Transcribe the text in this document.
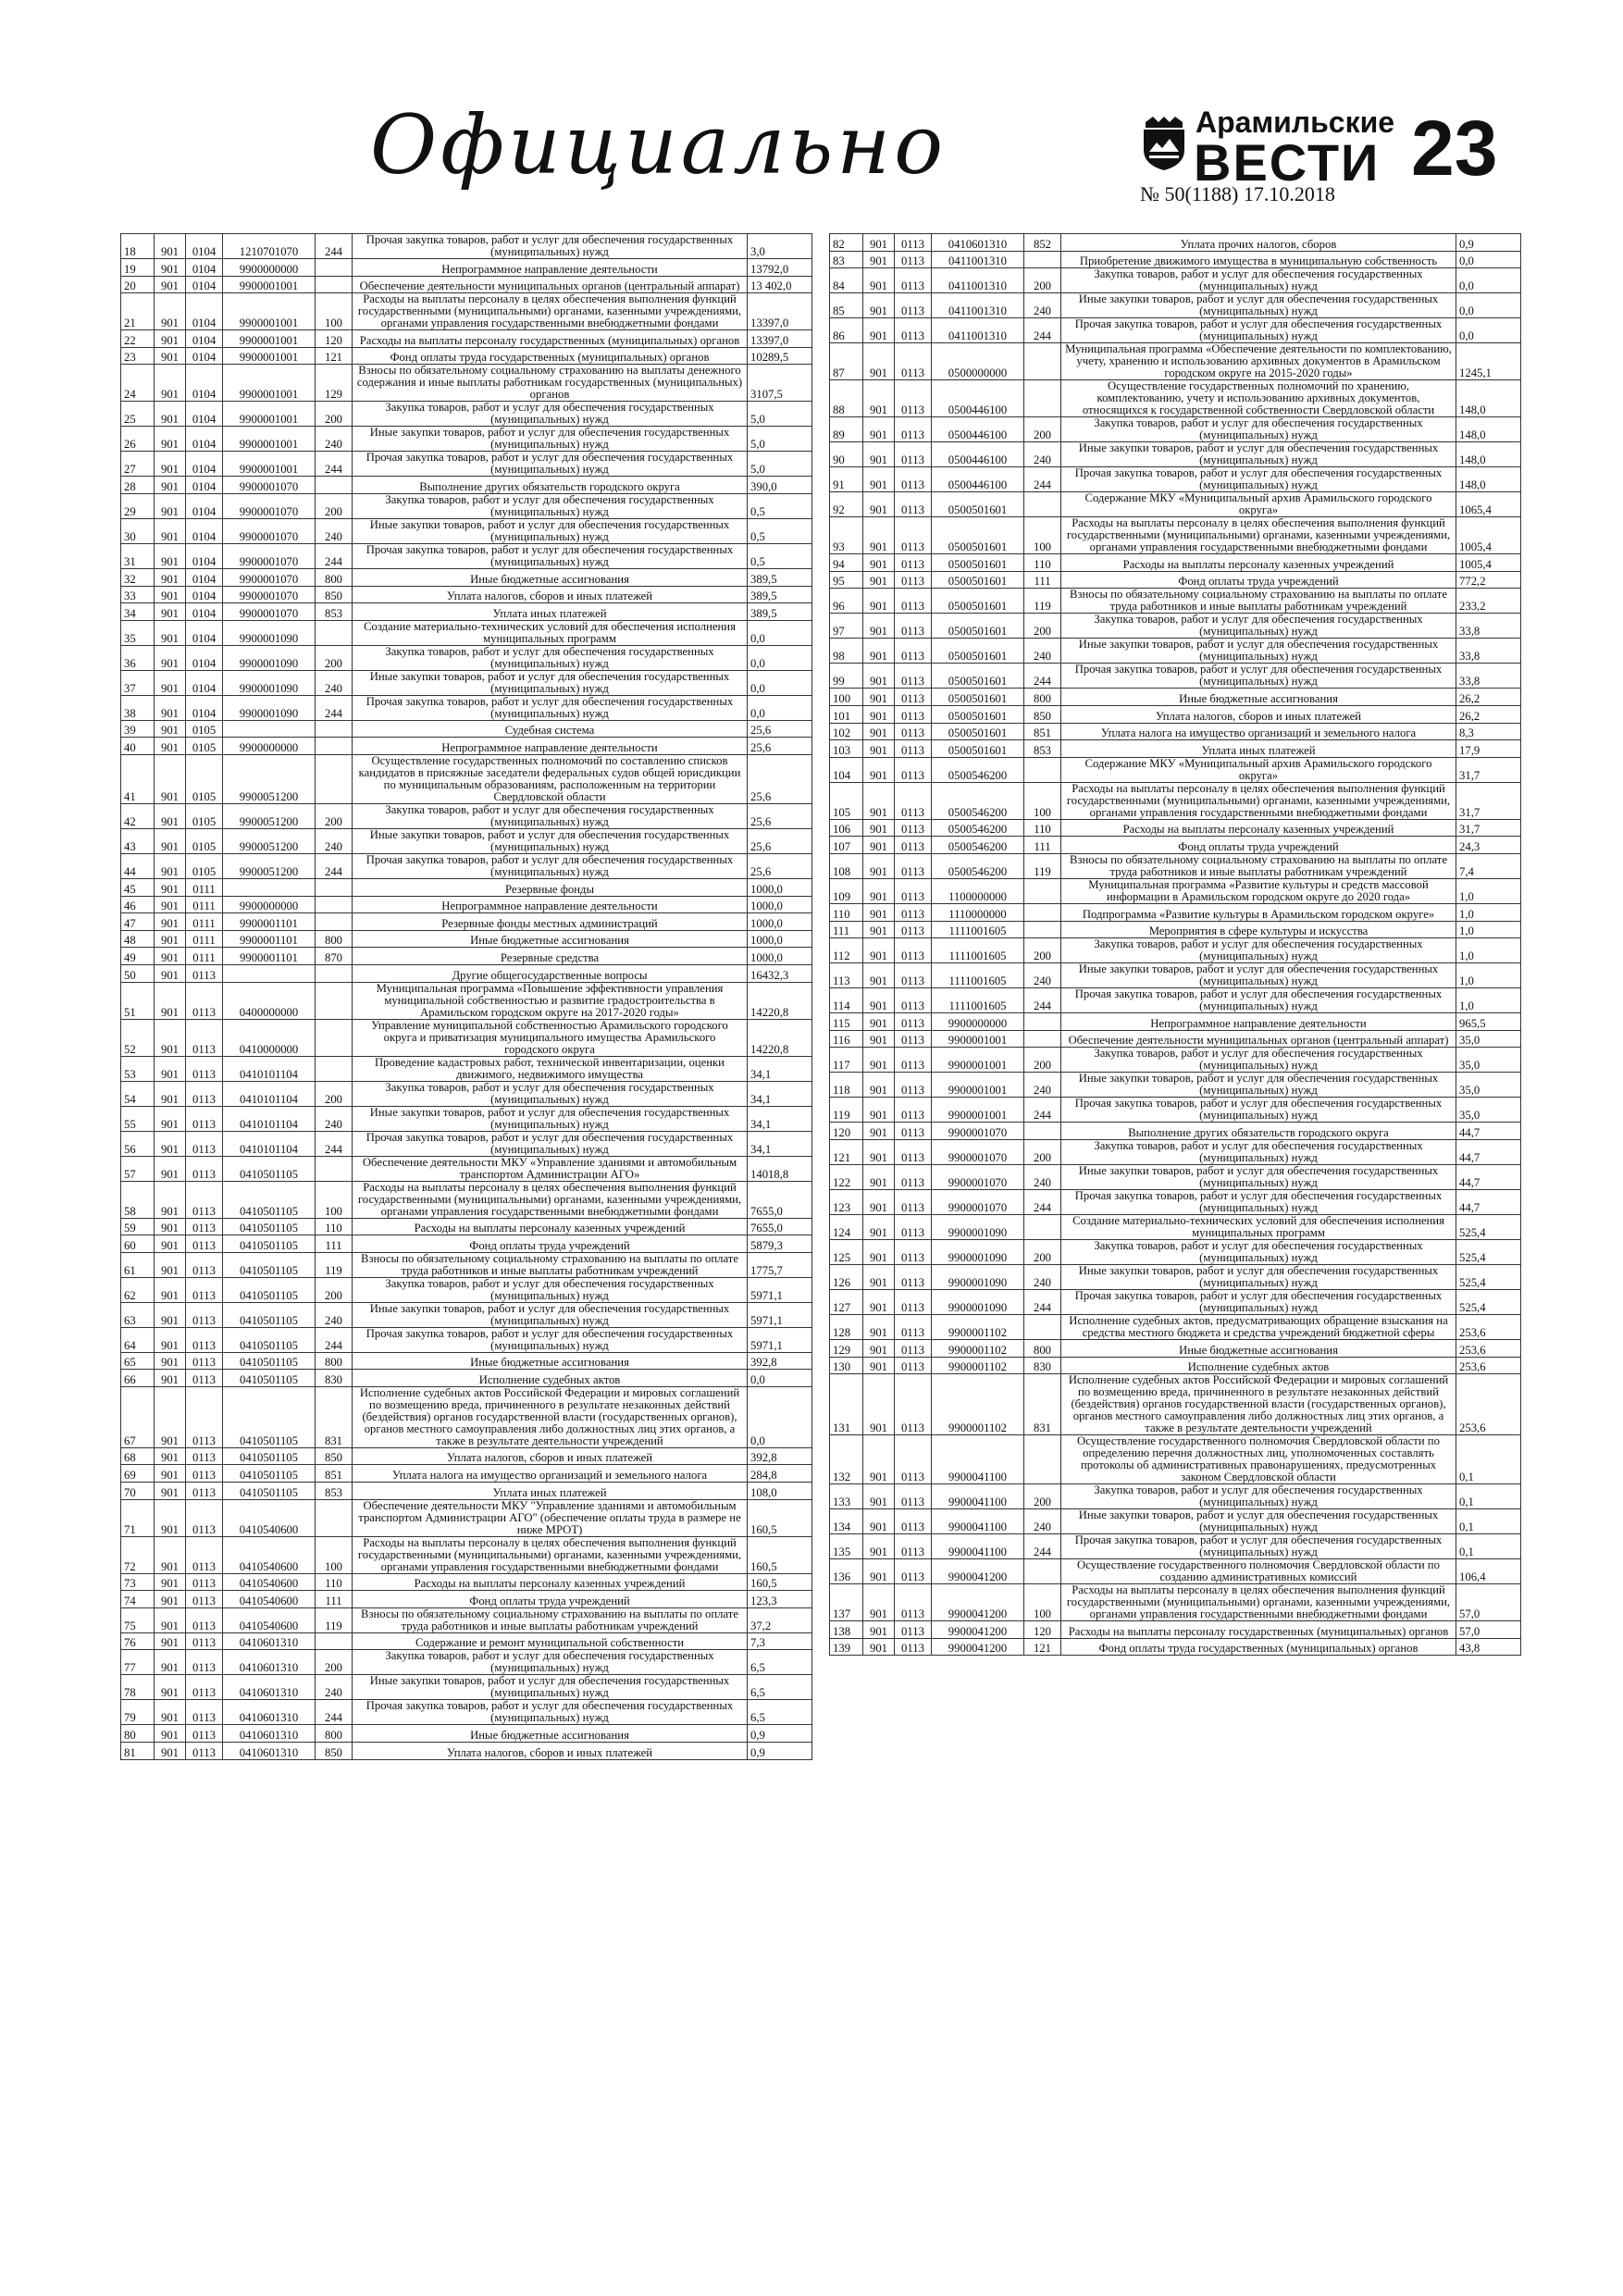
Официально	Арамильские
ВЕСТИ 23
№ 50(1188) 17.10.2018
18	901	0104	1210701070	244	Прочая закупка товаров, работ и услуг для обеспечения государственных (муниципальных) нужд	3,0
19	901	0104	9900000000		Непрограммное направление деятельности	13792,0
20	901	0104	9900001001		Обеспечение деятельности муниципальных органов (центральный аппарат)	13 402,0
21	901	0104	9900001001	100	Расходы на выплаты персоналу в целях обеспечения выполнения функций государственными (муниципальными) органами, казенными учреждениями, органами управления государственными внебюджетными фондами	13397,0
22	901	0104	9900001001	120	Расходы на выплаты персоналу государственных (муниципальных) органов	13397,0
23	901	0104	9900001001	121	Фонд оплаты труда государственных (муниципальных) органов	10289,5
24	901	0104	9900001001	129	Взносы по обязательному социальному страхованию на выплаты денежного содержания и иные выплаты работникам государственных (муниципальных) органов	3107,5
25	901	0104	9900001001	200	Закупка товаров, работ и услуг для обеспечения государственных (муниципальных) нужд	5,0
26	901	0104	9900001001	240	Иные закупки товаров, работ и услуг для обеспечения государственных (муниципальных) нужд	5,0
27	901	0104	9900001001	244	Прочая закупка товаров, работ и услуг для обеспечения государственных (муниципальных) нужд	5,0
28	901	0104	9900001070		Выполнение других обязательств городского округа	390,0
29	901	0104	9900001070	200	Закупка товаров, работ и услуг для обеспечения государственных (муниципальных) нужд	0,5
30	901	0104	9900001070	240	Иные закупки товаров, работ и услуг для обеспечения государственных (муниципальных) нужд	0,5
31	901	0104	9900001070	244	Прочая закупка товаров, работ и услуг для обеспечения государственных (муниципальных) нужд	0,5
32	901	0104	9900001070	800	Иные бюджетные ассигнования	389,5
33	901	0104	9900001070	850	Уплата налогов, сборов и иных платежей	389,5
34	901	0104	9900001070	853	Уплата иных платежей	389,5
35	901	0104	9900001090		Создание материально-технических условий для обеспечения исполнения муниципальных программ	0,0
36	901	0104	9900001090	200	Закупка товаров, работ и услуг для обеспечения государственных (муниципальных) нужд	0,0
37	901	0104	9900001090	240	Иные закупки товаров, работ и услуг для обеспечения государственных (муниципальных) нужд	0,0
38	901	0104	9900001090	244	Прочая закупка товаров, работ и услуг для обеспечения государственных (муниципальных) нужд	0,0
39	901	0105			Судебная система	25,6
40	901	0105	9900000000		Непрограммное направление деятельности	25,6
41	901	0105	9900051200		Осуществление государственных полномочий по составлению списков кандидатов в присяжные заседатели федеральных судов общей юрисдикции по муниципальным образованиям, расположенным на территории Свердловской области	25,6
42	901	0105	9900051200	200	Закупка товаров, работ и услуг для обеспечения государственных (муниципальных) нужд	25,6
43	901	0105	9900051200	240	Иные закупки товаров, работ и услуг для обеспечения государственных (муниципальных) нужд	25,6
44	901	0105	9900051200	244	Прочая закупка товаров, работ и услуг для обеспечения государственных (муниципальных) нужд	25,6
45	901	0111			Резервные фонды	1000,0
46	901	0111	9900000000		Непрограммное направление деятельности	1000,0
47	901	0111	9900001101		Резервные фонды местных администраций	1000,0
48	901	0111	9900001101	800	Иные бюджетные ассигнования	1000,0
49	901	0111	9900001101	870	Резервные средства	1000,0
50	901	0113			Другие общегосударственные вопросы	16432,3
51	901	0113	0400000000		Муниципальная программа «Повышение эффективности управления муниципальной собственностью и развитие градостроительства в Арамильском городском округе на 2017-2020 годы»	14220,8
52	901	0113	0410000000		Управление муниципальной собственностью Арамильского городского округа и приватизация муниципального имущества Арамильского городского округа	14220,8
53	901	0113	0410101104		Проведение кадастровых работ, технической инвентаризации, оценки движимого, недвижимого имущества	34,1
54	901	0113	0410101104	200	Закупка товаров, работ и услуг для обеспечения государственных (муниципальных) нужд	34,1
55	901	0113	0410101104	240	Иные закупки товаров, работ и услуг для обеспечения государственных (муниципальных) нужд	34,1
56	901	0113	0410101104	244	Прочая закупка товаров, работ и услуг для обеспечения государственных (муниципальных) нужд	34,1
57	901	0113	0410501105		Обеспечение деятельности МКУ «Управление зданиями и автомобильным транспортом Администрации АГО»	14018,8
58	901	0113	0410501105	100	Расходы на выплаты персоналу в целях обеспечения выполнения функций государственными (муниципальными) органами, казенными учреждениями, органами управления государственными внебюджетными фондами	7655,0
59	901	0113	0410501105	110	Расходы на выплаты персоналу казенных учреждений	7655,0
60	901	0113	0410501105	111	Фонд оплаты труда учреждений	5879,3
61	901	0113	0410501105	119	Взносы по обязательному социальному страхованию на выплаты по оплате труда работников и иные выплаты работникам учреждений	1775,7
62	901	0113	0410501105	200	Закупка товаров, работ и услуг для обеспечения государственных (муниципальных) нужд	5971,1
63	901	0113	0410501105	240	Иные закупки товаров, работ и услуг для обеспечения государственных (муниципальных) нужд	5971,1
64	901	0113	0410501105	244	Прочая закупка товаров, работ и услуг для обеспечения государственных (муниципальных) нужд	5971,1
65	901	0113	0410501105	800	Иные бюджетные ассигнования	392,8
66	901	0113	0410501105	830	Исполнение судебных актов	0,0
67	901	0113	0410501105	831	Исполнение судебных актов Российской Федерации и мировых соглашений по возмещению вреда, причиненного в результате незаконных действий (бездействия) органов государственной власти (государственных органов), органов местного самоуправления либо должностных лиц этих органов, а также в результате деятельности учреждений	0,0
68	901	0113	0410501105	850	Уплата налогов, сборов и иных платежей	392,8
69	901	0113	0410501105	851	Уплата налога на имущество организаций и земельного налога	284,8
70	901	0113	0410501105	853	Уплата иных платежей	108,0
71	901	0113	0410540600		Обеспечение деятельности МКУ "Управление зданиями и автомобильным транспортом Администрации АГО" (обеспечение оплаты труда в размере не ниже МРОТ)	160,5
72	901	0113	0410540600	100	Расходы на выплаты персоналу в целях обеспечения выполнения функций государственными (муниципальными) органами, казенными учреждениями, органами управления государственными внебюджетными фондами	160,5
73	901	0113	0410540600	110	Расходы на выплаты персоналу казенных учреждений	160,5
74	901	0113	0410540600	111	Фонд оплаты труда учреждений	123,3
75	901	0113	0410540600	119	Взносы по обязательному социальному страхованию на выплаты по оплате труда работников и иные выплаты работникам учреждений	37,2
76	901	0113	0410601310		Содержание и ремонт муниципальной собственности	7,3
77	901	0113	0410601310	200	Закупка товаров, работ и услуг для обеспечения государственных (муниципальных) нужд	6,5
78	901	0113	0410601310	240	Иные закупки товаров, работ и услуг для обеспечения государственных (муниципальных) нужд	6,5
79	901	0113	0410601310	244	Прочая закупка товаров, работ и услуг для обеспечения государственных (муниципальных) нужд	6,5
80	901	0113	0410601310	800	Иные бюджетные ассигнования	0,9
81	901	0113	0410601310	850	Уплата налогов, сборов и иных платежей	0,9
82	901	0113	0410601310	852	Уплата прочих налогов, сборов	0,9
83	901	0113	0411001310		Приобретение движимого имущества в муниципальную собственность	0,0
84	901	0113	0411001310	200	Закупка товаров, работ и услуг для обеспечения государственных (муниципальных) нужд	0,0
85	901	0113	0411001310	240	Иные закупки товаров, работ и услуг для обеспечения государственных (муниципальных) нужд	0,0
86	901	0113	0411001310	244	Прочая закупка товаров, работ и услуг для обеспечения государственных (муниципальных) нужд	0,0
87	901	0113	0500000000		Муниципальная программа «Обеспечение деятельности по комплектованию, учету, хранению и использованию архивных документов в Арамильском городском округе на 2015-2020 годы»	1245,1
88	901	0113	0500446100		Осуществление государственных полномочий по хранению, комплектованию, учету и использованию архивных документов, относящихся к государственной собственности Свердловской области	148,0
89	901	0113	0500446100	200	Закупка товаров, работ и услуг для обеспечения государственных (муниципальных) нужд	148,0
90	901	0113	0500446100	240	Иные закупки товаров, работ и услуг для обеспечения государственных (муниципальных) нужд	148,0
91	901	0113	0500446100	244	Прочая закупка товаров, работ и услуг для обеспечения государственных (муниципальных) нужд	148,0
92	901	0113	0500501601		Содержание МКУ «Муниципальный архив Арамильского городского округа»	1065,4
93	901	0113	0500501601	100	Расходы на выплаты персоналу в целях обеспечения выполнения функций государственными (муниципальными) органами, казенными учреждениями, органами управления государственными внебюджетными фондами	1005,4
94	901	0113	0500501601	110	Расходы на выплаты персоналу казенных учреждений	1005,4
95	901	0113	0500501601	111	Фонд оплаты труда учреждений	772,2
96	901	0113	0500501601	119	Взносы по обязательному социальному страхованию на выплаты по оплате труда работников и иные выплаты работникам учреждений	233,2
97	901	0113	0500501601	200	Закупка товаров, работ и услуг для обеспечения государственных (муниципальных) нужд	33,8
98	901	0113	0500501601	240	Иные закупки товаров, работ и услуг для обеспечения государственных (муниципальных) нужд	33,8
99	901	0113	0500501601	244	Прочая закупка товаров, работ и услуг для обеспечения государственных (муниципальных) нужд	33,8
100	901	0113	0500501601	800	Иные бюджетные ассигнования	26,2
101	901	0113	0500501601	850	Уплата налогов, сборов и иных платежей	26,2
102	901	0113	0500501601	851	Уплата налога на имущество организаций и земельного налога	8,3
103	901	0113	0500501601	853	Уплата иных платежей	17,9
104	901	0113	0500546200		Содержание МКУ «Муниципальный архив Арамильского городского округа»	31,7
105	901	0113	0500546200	100	Расходы на выплаты персоналу в целях обеспечения выполнения функций государственными (муниципальными) органами, казенными учреждениями, органами управления государственными внебюджетными фондами	31,7
106	901	0113	0500546200	110	Расходы на выплаты персоналу казенных учреждений	31,7
107	901	0113	0500546200	111	Фонд оплаты труда учреждений	24,3
108	901	0113	0500546200	119	Взносы по обязательному социальному страхованию на выплаты по оплате труда работников и иные выплаты работникам учреждений	7,4
109	901	0113	1100000000		Муниципальная программа «Развитие культуры и средств массовой информации в Арамильском городском округе до 2020 года»	1,0
110	901	0113	1110000000		Подпрограмма «Развитие культуры в Арамильском городском округе»	1,0
111	901	0113	1111001605		Мероприятия в сфере культуры и искусства	1,0
112	901	0113	1111001605	200	Закупка товаров, работ и услуг для обеспечения государственных (муниципальных) нужд	1,0
113	901	0113	1111001605	240	Иные закупки товаров, работ и услуг для обеспечения государственных (муниципальных) нужд	1,0
114	901	0113	1111001605	244	Прочая закупка товаров, работ и услуг для обеспечения государственных (муниципальных) нужд	1,0
115	901	0113	9900000000		Непрограммное направление деятельности	965,5
116	901	0113	9900001001		Обеспечение деятельности муниципальных органов (центральный аппарат)	35,0
117	901	0113	9900001001	200	Закупка товаров, работ и услуг для обеспечения государственных (муниципальных) нужд	35,0
118	901	0113	9900001001	240	Иные закупки товаров, работ и услуг для обеспечения государственных (муниципальных) нужд	35,0
119	901	0113	9900001001	244	Прочая закупка товаров, работ и услуг для обеспечения государственных (муниципальных) нужд	35,0
120	901	0113	9900001070		Выполнение других обязательств городского округа	44,7
121	901	0113	9900001070	200	Закупка товаров, работ и услуг для обеспечения государственных (муниципальных) нужд	44,7
122	901	0113	9900001070	240	Иные закупки товаров, работ и услуг для обеспечения государственных (муниципальных) нужд	44,7
123	901	0113	9900001070	244	Прочая закупка товаров, работ и услуг для обеспечения государственных (муниципальных) нужд	44,7
124	901	0113	9900001090		Создание материально-технических условий для обеспечения исполнения муниципальных программ	525,4
125	901	0113	9900001090	200	Закупка товаров, работ и услуг для обеспечения государственных (муниципальных) нужд	525,4
126	901	0113	9900001090	240	Иные закупки товаров, работ и услуг для обеспечения государственных (муниципальных) нужд	525,4
127	901	0113	9900001090	244	Прочая закупка товаров, работ и услуг для обеспечения государственных (муниципальных) нужд	525,4
128	901	0113	9900001102		Исполнение судебных актов, предусматривающих обращение взыскания на средства местного бюджета и средства учреждений бюджетной сферы	253,6
129	901	0113	9900001102	800	Иные бюджетные ассигнования	253,6
130	901	0113	9900001102	830	Исполнение судебных актов	253,6
131	901	0113	9900001102	831	Исполнение судебных актов Российской Федерации и мировых соглашений по возмещению вреда, причиненного в результате незаконных действий (бездействия) органов государственной власти (государственных органов), органов местного самоуправления либо должностных лиц этих органов, а также в результате деятельности учреждений	253,6
132	901	0113	9900041100		Осуществление государственного полномочия Свердловской области по определению перечня должностных лиц, уполномоченных составлять протоколы об административных правонарушениях, предусмотренных законом Свердловской области	0,1
133	901	0113	9900041100	200	Закупка товаров, работ и услуг для обеспечения государственных (муниципальных) нужд	0,1
134	901	0113	9900041100	240	Иные закупки товаров, работ и услуг для обеспечения государственных (муниципальных) нужд	0,1
135	901	0113	9900041100	244	Прочая закупка товаров, работ и услуг для обеспечения государственных (муниципальных) нужд	0,1
136	901	0113	9900041200		Осуществление государственного полномочия Свердловской области по созданию административных комиссий	106,4
137	901	0113	9900041200	100	Расходы на выплаты персоналу в целях обеспечения выполнения функций государственными (муниципальными) органами, казенными учреждениями, органами управления государственными внебюджетными фондами	57,0
138	901	0113	9900041200	120	Расходы на выплаты персоналу государственных (муниципальных) органов	57,0
139	901	0113	9900041200	121	Фонд оплаты труда государственных (муниципальных) органов	43,8
